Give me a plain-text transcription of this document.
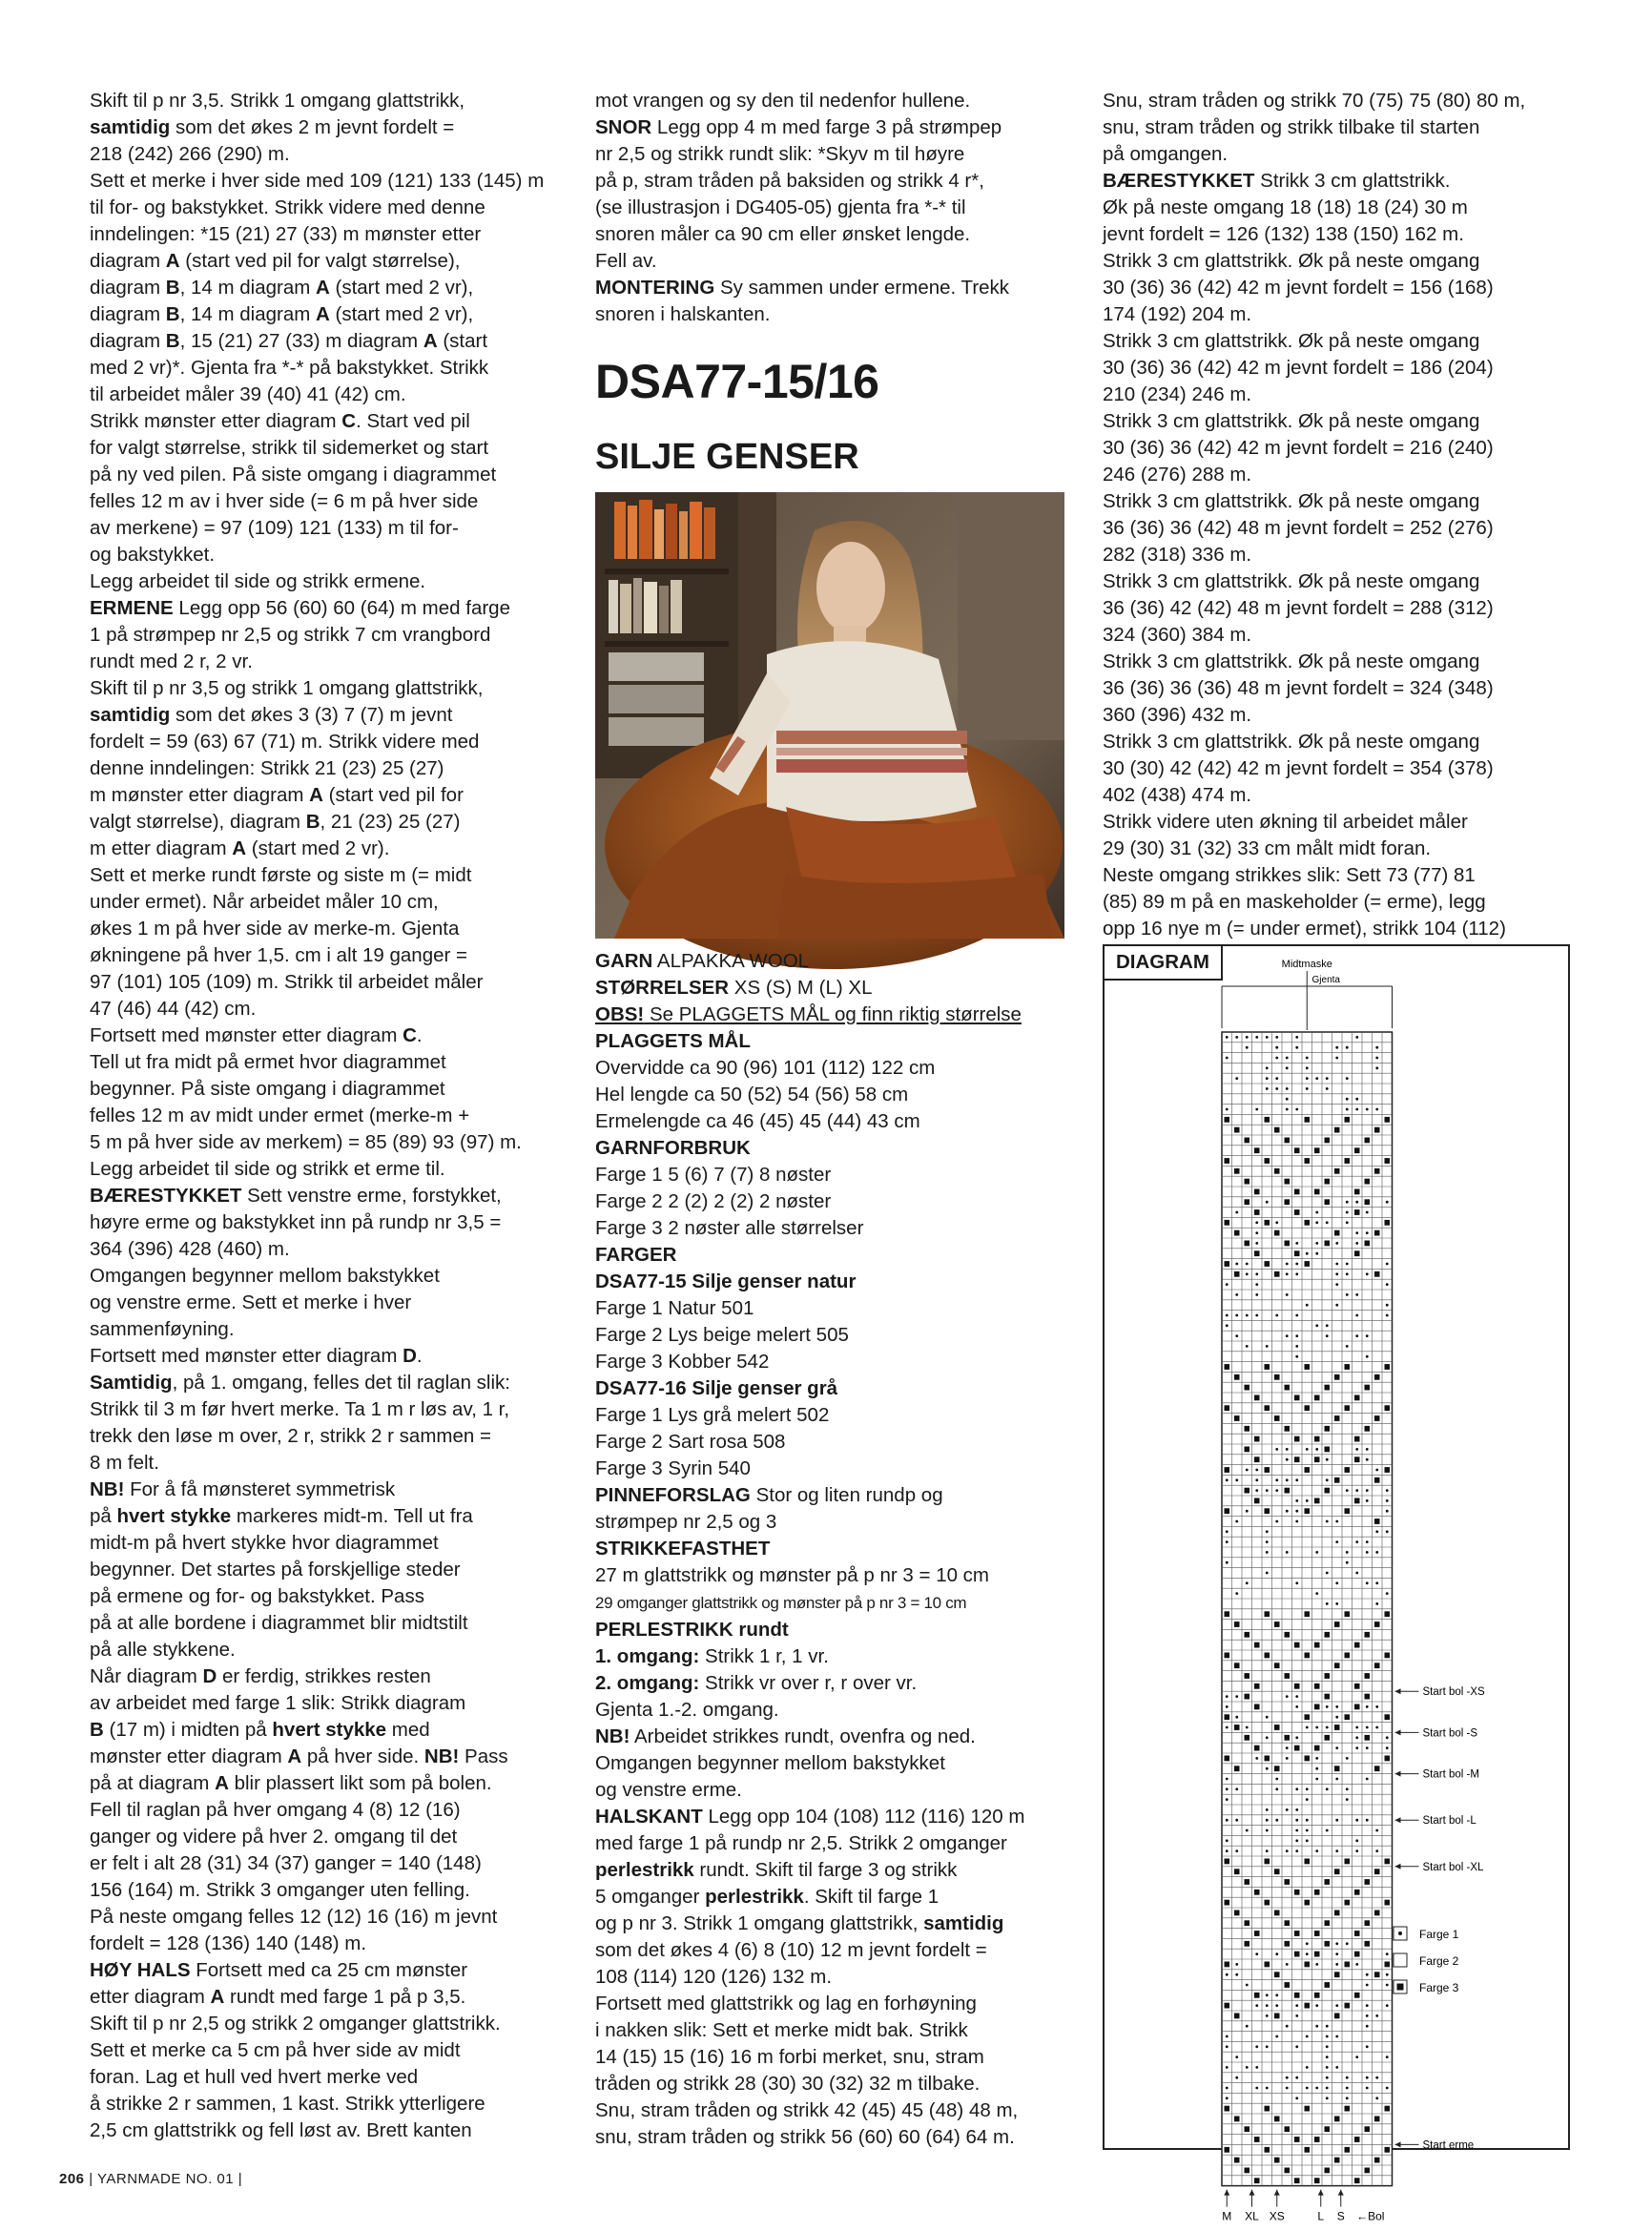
Skift til p nr 3,5. Strikk 1 omgang glattstrikk,

samtidig som det økes 2 m jevnt fordelt =

218 (242) 266 (290) m.

Sett et merke i hver side med 109 (121) 133 (145) m

til for- og bakstykket. Strikk videre med denne

inndelingen: *15 (21) 27 (33) m mønster etter

diagram A (start ved pil for valgt størrelse),

diagram B, 14 m diagram A (start med 2 vr),

diagram B, 14 m diagram A (start med 2 vr),

diagram B, 15 (21) 27 (33) m diagram A (start

med 2 vr)*. Gjenta fra *-* på bakstykket. Strikk

til arbeidet måler 39 (40) 41 (42) cm.

Strikk mønster etter diagram C. Start ved pil

for valgt størrelse, strikk til sidemerket og start

på ny ved pilen. På siste omgang i diagrammet

felles 12 m av i hver side (= 6 m på hver side

av merkene) = 97 (109) 121 (133) m til for-

og bakstykket.

Legg arbeidet til side og strikk ermene.

ERMENE Legg opp 56 (60) 60 (64) m med farge

1 på strømpep nr 2,5 og strikk 7 cm vrangbord

rundt med 2 r, 2 vr.

Skift til p nr 3,5 og strikk 1 omgang glattstrikk,

samtidig som det økes 3 (3) 7 (7) m jevnt

fordelt = 59 (63) 67 (71) m. Strikk videre med

denne inndelingen: Strikk 21 (23) 25 (27)

m mønster etter diagram A (start ved pil for

valgt størrelse), diagram B, 21 (23) 25 (27)

m etter diagram A (start med 2 vr).

Sett et merke rundt første og siste m (= midt

under ermet). Når arbeidet måler 10 cm,

økes 1 m på hver side av merke-m. Gjenta

økningene på hver 1,5. cm i alt 19 ganger =

97 (101) 105 (109) m. Strikk til arbeidet måler

47 (46) 44 (42) cm.

Fortsett med mønster etter diagram C.

Tell ut fra midt på ermet hvor diagrammet

begynner. På siste omgang i diagrammet

felles 12 m av midt under ermet (merke-m +

5 m på hver side av merkem) = 85 (89) 93 (97) m.

Legg arbeidet til side og strikk et erme til.

BÆRESTYKKET Sett venstre erme, forstykket,

høyre erme og bakstykket inn på rundp nr 3,5 =

364 (396) 428 (460) m.

Omgangen begynner mellom bakstykket

og venstre erme. Sett et merke i hver

sammenføyning.

Fortsett med mønster etter diagram D.

Samtidig, på 1. omgang, felles det til raglan slik:

Strikk til 3 m før hvert merke. Ta 1 m r løs av, 1 r,

trekk den løse m over, 2 r, strikk 2 r sammen =

8 m felt.

NB! For å få mønsteret symmetrisk

på hvert stykke markeres midt-m. Tell ut fra

midt-m på hvert stykke hvor diagrammet

begynner. Det startes på forskjellige steder

på ermene og for- og bakstykket. Pass

på at alle bordene i diagrammet blir midtstilt

på alle stykkene.

Når diagram D er ferdig, strikkes resten

av arbeidet med farge 1 slik: Strikk diagram

B (17 m) i midten på hvert stykke med

mønster etter diagram A på hver side. NB! Pass

på at diagram A blir plassert likt som på bolen.

Fell til raglan på hver omgang 4 (8) 12 (16)

ganger og videre på hver 2. omgang til det

er felt i alt 28 (31) 34 (37) ganger = 140 (148)

156 (164) m. Strikk 3 omganger uten felling.

På neste omgang felles 12 (12) 16 (16) m jevnt

fordelt = 128 (136) 140 (148) m.

HØY HALS Fortsett med ca 25 cm mønster

etter diagram A rundt med farge 1 på p 3,5.

Skift til p nr 2,5 og strikk 2 omganger glattstrikk.

Sett et merke ca 5 cm på hver side av midt

foran. Lag et hull ved hvert merke ved

å strikke 2 r sammen, 1 kast. Strikk ytterligere

2,5 cm glattstrikk og fell løst av. Brett kanten

mot vrangen og sy den til nedenfor hullene.

SNOR Legg opp 4 m med farge 3 på strømpep

nr 2,5 og strikk rundt slik: *Skyv m til høyre

på p, stram tråden på baksiden og strikk 4 r*,

(se illustrasjon i DG405-05) gjenta fra *-* til

snoren måler ca 90 cm eller ønsket lengde.

Fell av.

MONTERING Sy sammen under ermene. Trekk

snoren i halskanten.

DSA77-15/16

SILJE GENSER

GARN ALPAKKA WOOL

STØRRELSER XS (S) M (L) XL

OBS! Se PLAGGETS MÅL og finn riktig størrelse

PLAGGETS MÅL

Overvidde ca 90 (96) 101 (112) 122 cm

Hel lengde ca 50 (52) 54 (56) 58 cm

Ermelengde ca 46 (45) 45 (44) 43 cm

GARNFORBRUK

Farge 1 5 (6) 7 (7) 8 nøster

Farge 2 2 (2) 2 (2) 2 nøster

Farge 3 2 nøster alle størrelser

FARGER

DSA77-15 Silje genser natur

Farge 1 Natur 501

Farge 2 Lys beige melert 505

Farge 3 Kobber 542

DSA77-16 Silje genser grå

Farge 1 Lys grå melert 502

Farge 2 Sart rosa 508

Farge 3 Syrin 540

PINNEFORSLAG Stor og liten rundp og

strømpep nr 2,5 og 3

STRIKKEFASTHET

27 m glattstrikk og mønster på p nr 3 = 10 cm

29 omganger glattstrikk og mønster på p nr 3 = 10 cm

PERLESTRIKK rundt

1. omgang: Strikk 1 r, 1 vr.

2. omgang: Strikk vr over r, r over vr.

Gjenta 1.-2. omgang.

NB! Arbeidet strikkes rundt, ovenfra og ned.

Omgangen begynner mellom bakstykket

og venstre erme.

HALSKANT Legg opp 104 (108) 112 (116) 120 m

med farge 1 på rundp nr 2,5. Strikk 2 omganger

perlestrikk rundt. Skift til farge 3 og strikk

5 omganger perlestrikk. Skift til farge 1

og p nr 3. Strikk 1 omgang glattstrikk, samtidig

som det økes 4 (6) 8 (10) 12 m jevnt fordelt =

108 (114) 120 (126) 132 m.

Fortsett med glattstrikk og lag en forhøyning

i nakken slik: Sett et merke midt bak. Strikk

14 (15) 15 (16) 16 m forbi merket, snu, stram

tråden og strikk 28 (30) 30 (32) 32 m tilbake.

Snu, stram tråden og strikk 42 (45) 45 (48) 48 m,

snu, stram tråden og strikk 56 (60) 60 (64) 64 m.

Snu, stram tråden og strikk 70 (75) 75 (80) 80 m,

snu, stram tråden og strikk tilbake til starten

på omgangen.

BÆRESTYKKET Strikk 3 cm glattstrikk.

Øk på neste omgang 18 (18) 18 (24) 30 m

jevnt fordelt = 126 (132) 138 (150) 162 m.

Strikk 3 cm glattstrikk. Øk på neste omgang

30 (36) 36 (42) 42 m jevnt fordelt = 156 (168)

174 (192) 204 m.

Strikk 3 cm glattstrikk. Øk på neste omgang

30 (36) 36 (42) 42 m jevnt fordelt = 186 (204)

210 (234) 246 m.

Strikk 3 cm glattstrikk. Øk på neste omgang

30 (36) 36 (42) 42 m jevnt fordelt = 216 (240)

246 (276) 288 m.

Strikk 3 cm glattstrikk. Øk på neste omgang

36 (36) 36 (42) 48 m jevnt fordelt = 252 (276)

282 (318) 336 m.

Strikk 3 cm glattstrikk. Øk på neste omgang

36 (36) 42 (42) 48 m jevnt fordelt = 288 (312)

324 (360) 384 m.

Strikk 3 cm glattstrikk. Øk på neste omgang

36 (36) 36 (36) 48 m jevnt fordelt = 324 (348)

360 (396) 432 m.

Strikk 3 cm glattstrikk. Øk på neste omgang

30 (30) 42 (42) 42 m jevnt fordelt = 354 (378)

402 (438) 474 m.

Strikk videre uten økning til arbeidet måler

29 (30) 31 (32) 33 cm målt midt foran.

Neste omgang strikkes slik: Sett 73 (77) 81

(85) 89 m på en maskeholder (= erme), legg

opp 16 nye m (= under ermet), strikk 104 (112)

Midtmaske
Gjenta
Start bol -XS
Start bol -S
Start bol -M
Start bol -L
Start bol -XL
Start erme
Farge 1
Farge 2
Farge 3
M XL XS	L S ←Bol
DIAGRAM
206 | YARNMADE NO. 01 |
